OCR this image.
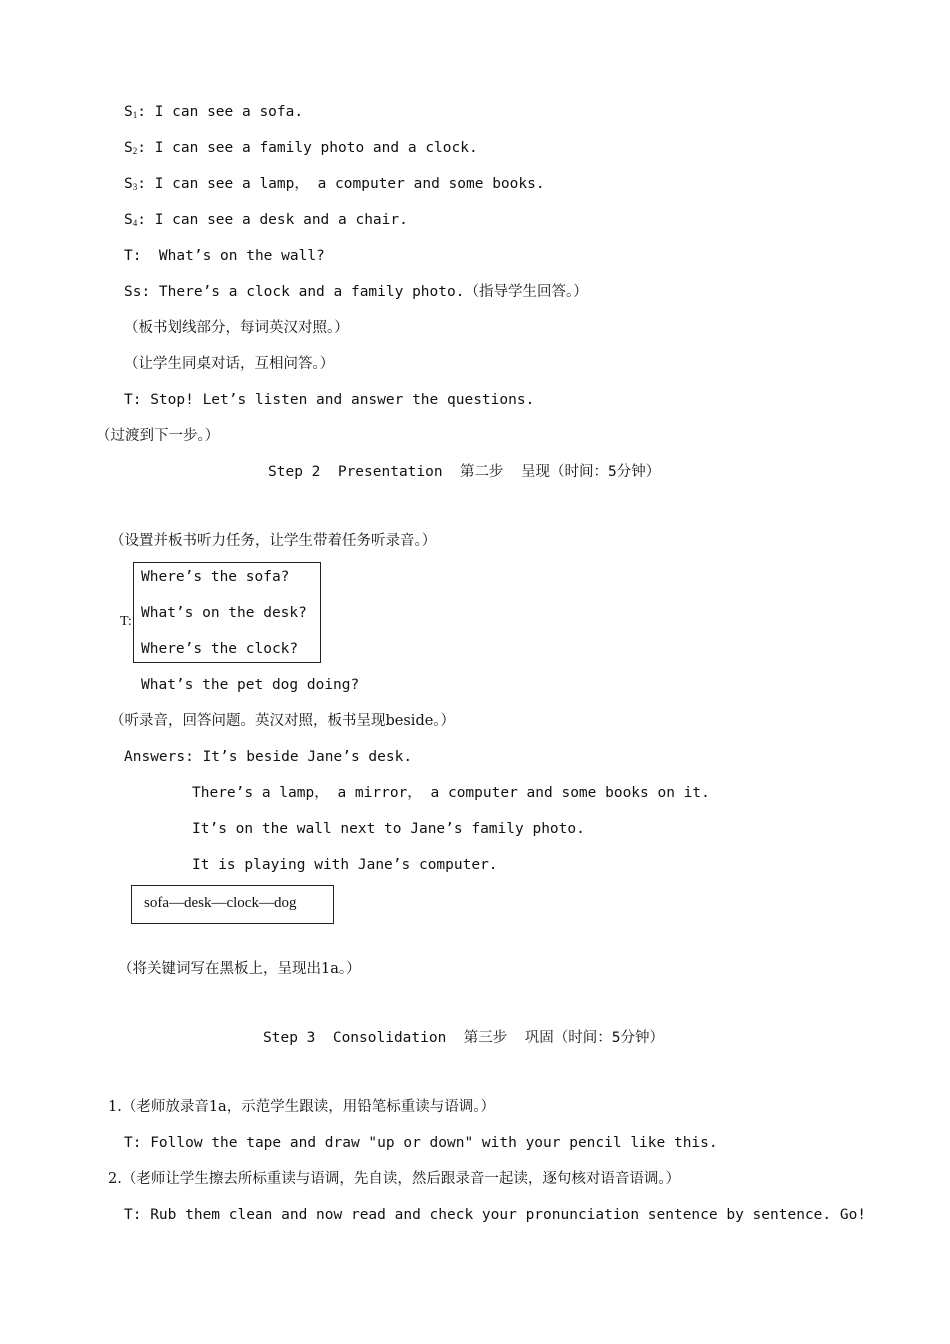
$S_1$: I can see a sofa.
$S_2$: I can see a family photo and a clock.
$S_3$: I can see a lamp， a computer and some books.
$S_4$: I can see a desk and a chair.
T:  What’s on the wall?
Ss: There’s a clock and a family photo.（指导学生回答。）
（板书划线部分，每词英汉对照。）
（让学生同桌对话，互相问答。）
T: Stop! Let’s listen and answer the questions.
（过渡到下一步。）
Step 2  Presentation  第二步  呈现（时间：5分钟）
（设置并板书听力任务，让学生带着任务听录音。）
T:
Where’s the sofa?
What’s on the desk?
Where’s the clock?
What’s the pet dog doing?
（听录音，回答问题。英汉对照，板书呈现beside。）
Answers: It’s beside Jane’s desk.
There’s a lamp， a mirror， a computer and some books on it.
It’s on the wall next to Jane’s family photo.
It is playing with Jane’s computer.
sofa—desk—clock—dog
（将关键词写在黑板上，呈现出1a。）
Step 3  Consolidation  第三步  巩固（时间：5分钟）
1.（老师放录音1a，示范学生跟读，用铅笔标重读与语调。）
T: Follow the tape and draw "up or down" with your pencil like this.
2.（老师让学生擦去所标重读与语调，先自读，然后跟录音一起读，逐句核对语音语调。）
T: Rub them clean and now read and check your pronunciation sentence by sentence. Go!
